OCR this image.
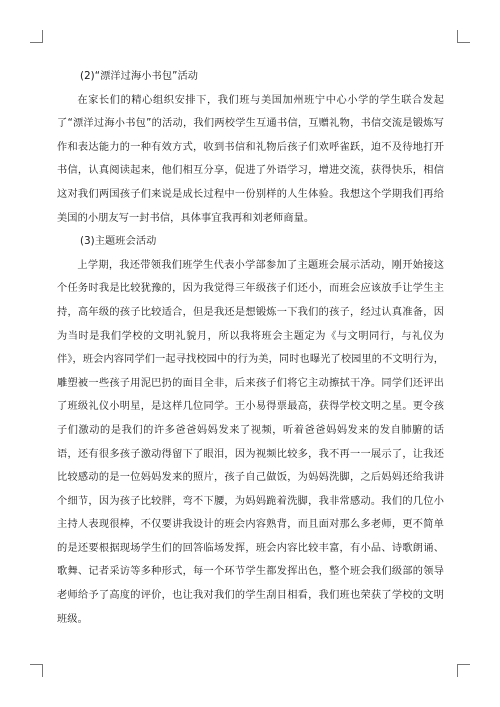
(2)“漂洋过海小书包”活动

在家长们的精心组织安排下，我们班与美国加州班宁中心小学的学生联合发起了“漂洋过海小书包”的活动，我们两校学生互通书信，互赠礼物，书信交流是锻炼写作和表达能力的一种有效方式，收到书信和礼物后孩子们欢呼雀跃，迫不及待地打开书信，认真阅读起来，他们相互分享，促进了外语学习，增进交流，获得快乐，相信这对我们两国孩子们来说是成长过程中一份别样的人生体验。我想这个学期我们再给美国的小朋友写一封书信，具体事宜我再和刘老师商量。

(3)主题班会活动

上学期，我还带领我们班学生代表小学部参加了主题班会展示活动，刚开始接这个任务时我是比较犹豫的，因为我觉得三年级孩子们还小，而班会应该放手让学生主持，高年级的孩子比较适合，但是我还是想锻炼一下我们的孩子，经过认真准备，因为当时是我们学校的文明礼貌月，所以我将班会主题定为《与文明同行，与礼仪为伴》，班会内容同学们一起寻找校园中的行为美，同时也曝光了校园里的不文明行为，雕塑被一些孩子用泥巴扔的面目全非，后来孩子们将它主动擦拭干净。同学们还评出了班级礼仪小明星，是这样几位同学。王小易得票最高，获得学校文明之星。更令孩子们激动的是我们的许多爸爸妈妈发来了视频，听着爸爸妈妈发来的发自肺腑的话语，还有很多孩子激动得留下了眼泪，因为视频比较多，我不再一一展示了，让我还比较感动的是一位妈妈发来的照片，孩子自己做饭，为妈妈洗脚，之后妈妈还给我讲个细节，因为孩子比较胖，弯不下腰，为妈妈跪着洗脚，我非常感动。我们的几位小主持人表现很棒，不仅要讲我设计的班会内容熟背，而且面对那么多老师，更不简单的是还要根据现场学生们的回答临场发挥，班会内容比较丰富，有小品、诗歌朗诵、歌舞、记者采访等多种形式，每一个环节学生都发挥出色，整个班会我们级部的领导老师给予了高度的评价，也让我对我们的学生刮目相看，我们班也荣获了学校的文明班级。
